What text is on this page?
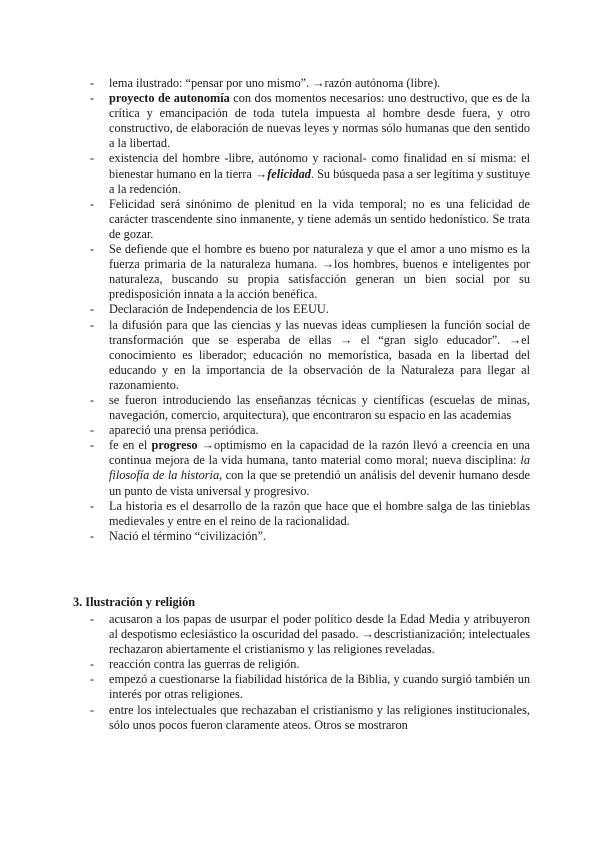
- lema ilustrado: “pensar por uno mismo”. →razón autónoma (libre).
- proyecto de autonomía con dos momentos necesarios: uno destructivo, que es de la crítica y emancipación de toda tutela impuesta al hombre desde fuera, y otro constructivo, de elaboración de nuevas leyes y normas sólo humanas que den sentido a la libertad.
- existencia del hombre -libre, autónomo y racional- como finalidad en sí misma: el bienestar humano en la tierra →felicidad. Su búsqueda pasa a ser legítima y sustituye a la redención.
- Felicidad será sinónimo de plenitud en la vida temporal; no es una felicidad de carácter trascendente sino inmanente, y tiene además un sentido hedonístico. Se trata de gozar.
- Se defiende que el hombre es bueno por naturaleza y que el amor a uno mismo es la fuerza primaria de la naturaleza humana. →los hombres, buenos e inteligentes por naturaleza, buscando su propia satisfacción generan un bien social por su predisposición innata a la acción benéfica.
- Declaración de Independencia de los EEUU.
- la difusión para que las ciencias y las nuevas ideas cumpliesen la función social de transformación que se esperaba de ellas → el “gran siglo educador”. →el conocimiento es liberador; educación no memorística, basada en la libertad del educando y en la importancia de la observación de la Naturaleza para llegar al razonamiento.
- se fueron introduciendo las enseñanzas técnicas y científicas (escuelas de minas, navegación, comercio, arquitectura), que encontraron su espacio en las academias
- apareció una prensa periódica.
- fe en el progreso →optimismo en la capacidad de la razón llevó a creencia en una continua mejora de la vida humana, tanto material como moral; nueva disciplina: la filosofía de la historia, con la que se pretendió un análisis del devenir humano desde un punto de vista universal y progresivo.
- La historia es el desarrollo de la razón que hace que el hombre salga de las tinieblas medievales y entre en el reino de la racionalidad.
- Nació el término “civilización”.
3. Ilustración y religión
- acusaron a los papas de usurpar el poder político desde la Edad Media y atribuyeron al despotismo eclesiástico la oscuridad del pasado. →descristianización; intelectuales rechazaron abiertamente el cristianismo y las religiones reveladas.
- reacción contra las guerras de religión.
- empezó a cuestionarse la fiabilidad histórica de la Biblia, y cuando surgió también un interés por otras religiones.
- entre los intelectuales que rechazaban el cristianismo y las religiones institucionales, sólo unos pocos fueron claramente ateos. Otros se mostraron
